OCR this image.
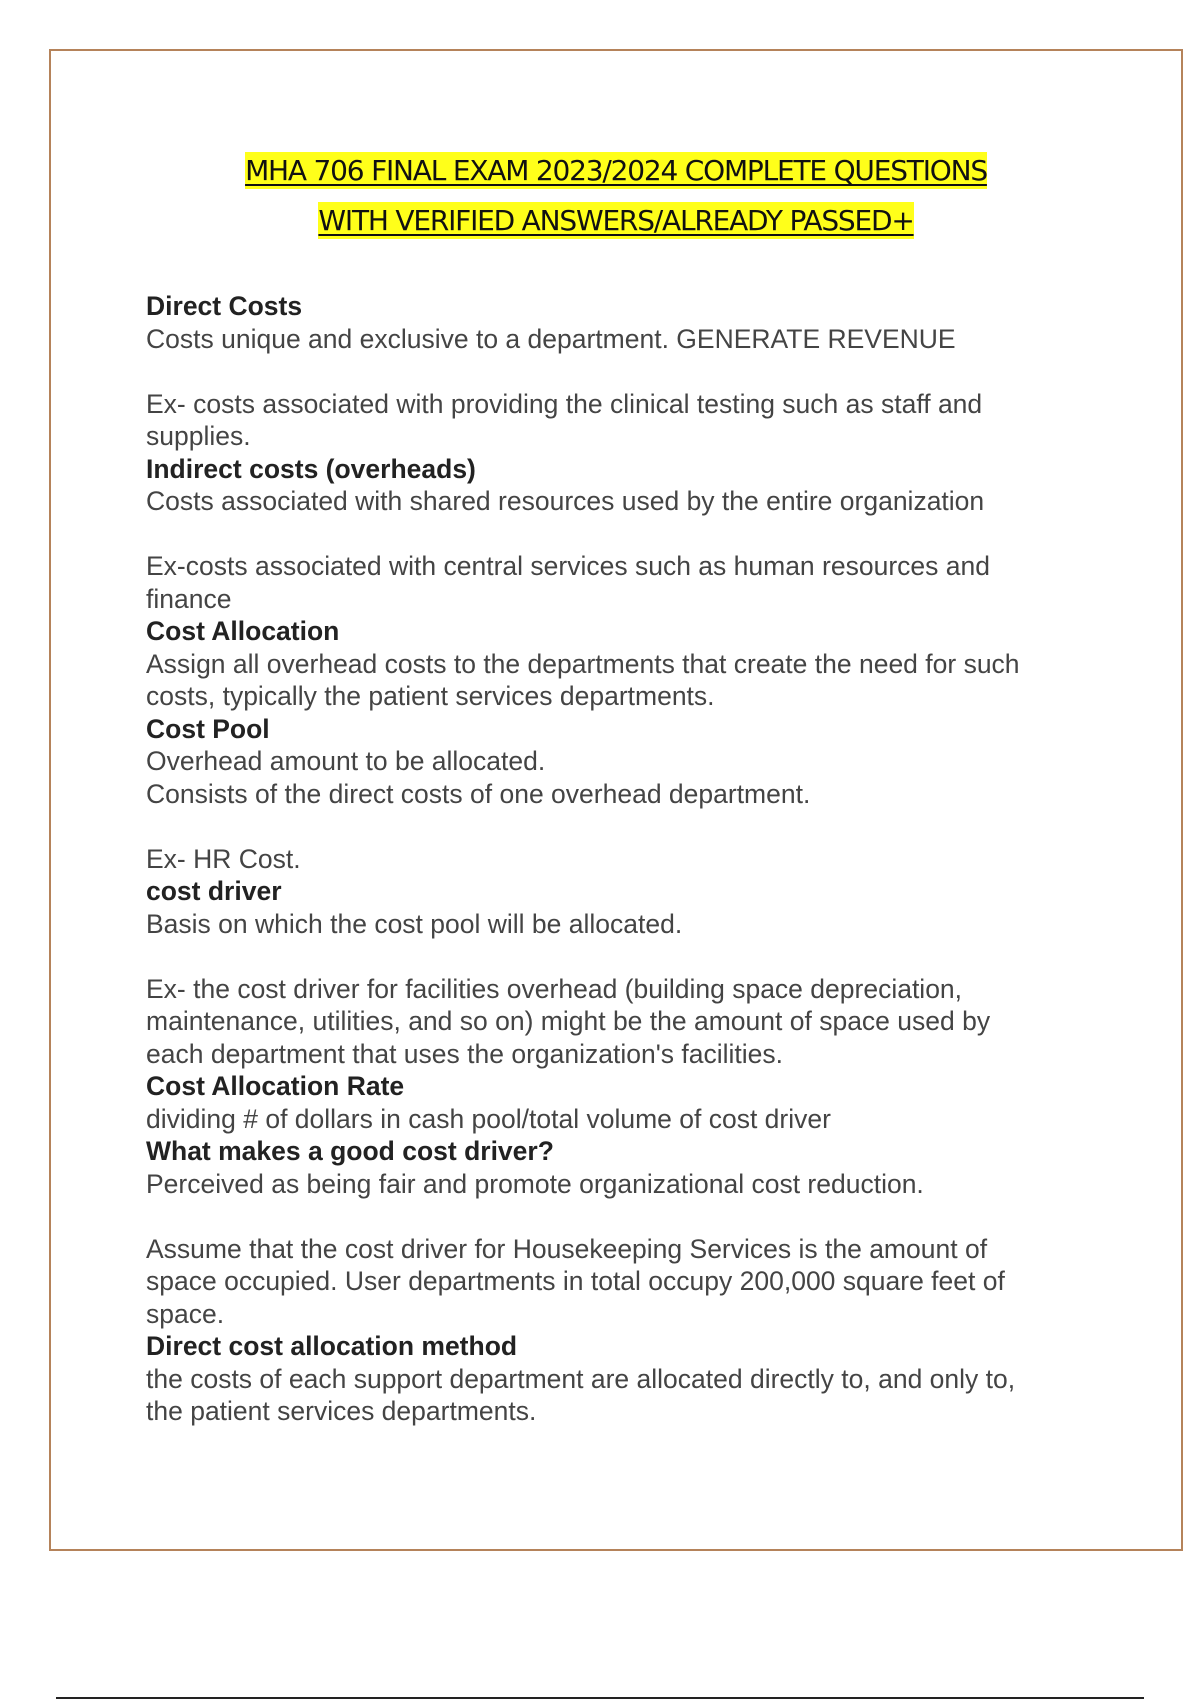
MHA 706 FINAL EXAM 2023/2024 COMPLETE QUESTIONS
WITH VERIFIED ANSWERS/ALREADY PASSED+
Direct Costs
Costs unique and exclusive to a department. GENERATE REVENUE
Ex- costs associated with providing the clinical testing such as staff and
supplies.
Indirect costs (overheads)
Costs associated with shared resources used by the entire organization
Ex-costs associated with central services such as human resources and
finance
Cost Allocation
Assign all overhead costs to the departments that create the need for such
costs, typically the patient services departments.
Cost Pool
Overhead amount to be allocated.
Consists of the direct costs of one overhead department.
Ex- HR Cost.
cost driver
Basis on which the cost pool will be allocated.
Ex- the cost driver for facilities overhead (building space depreciation,
maintenance, utilities, and so on) might be the amount of space used by
each department that uses the organization's facilities.
Cost Allocation Rate
dividing # of dollars in cash pool/total volume of cost driver
What makes a good cost driver?
Perceived as being fair and promote organizational cost reduction.
Assume that the cost driver for Housekeeping Services is the amount of
space occupied. User departments in total occupy 200,000 square feet of
space.
Direct cost allocation method
the costs of each support department are allocated directly to, and only to,
the patient services departments.
